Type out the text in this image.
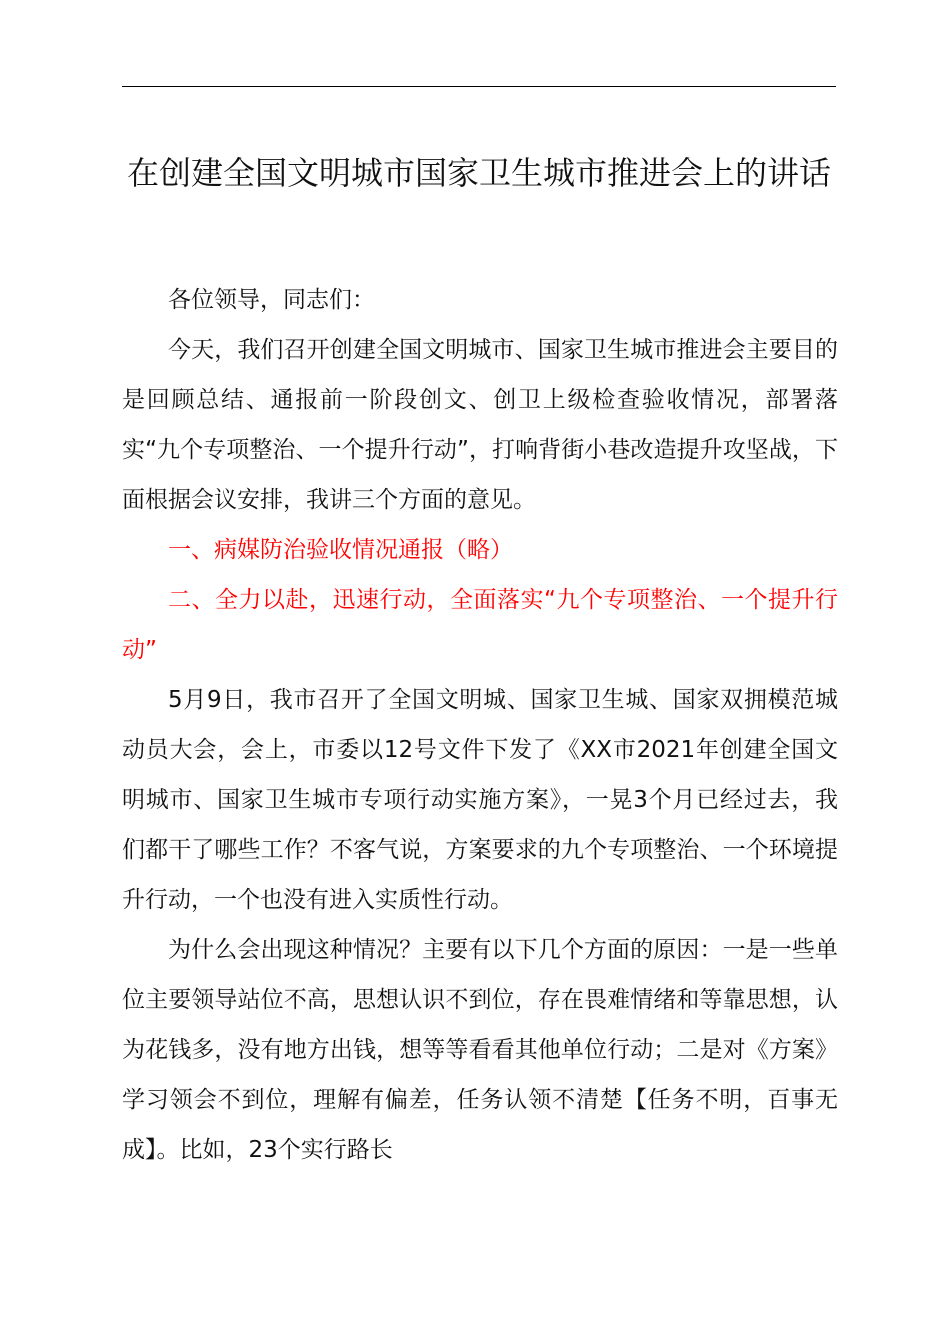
在创建全国文明城市国家卫生城市推进会上的讲话

各位领导，同志们：

今天，我们召开创建全国文明城市、国家卫生城市推进会主要目的是回顾总结、通报前一阶段创文、创卫上级检查验收情况，部署落实“九个专项整治、一个提升行动”，打响背街小巷改造提升攻坚战，下面根据会议安排，我讲三个方面的意见。

一、病媒防治验收情况通报（略）

二、全力以赴，迅速行动，全面落实“九个专项整治、一个提升行动”

5月9日，我市召开了全国文明城、国家卫生城、国家双拥模范城动员大会，会上，市委以12号文件下发了《XX市2021年创建全国文明城市、国家卫生城市专项行动实施方案》，一晃3个月已经过去，我们都干了哪些工作？不客气说，方案要求的九个专项整治、一个环境提升行动，一个也没有进入实质性行动。

为什么会出现这种情况？主要有以下几个方面的原因：一是一些单位主要领导站位不高，思想认识不到位，存在畏难情绪和等靠思想，认为花钱多，没有地方出钱，想等等看看其他单位行动；二是对《方案》学习领会不到位，理解有偏差，任务认领不清楚【任务不明，百事无成】。比如，23个实行路长
